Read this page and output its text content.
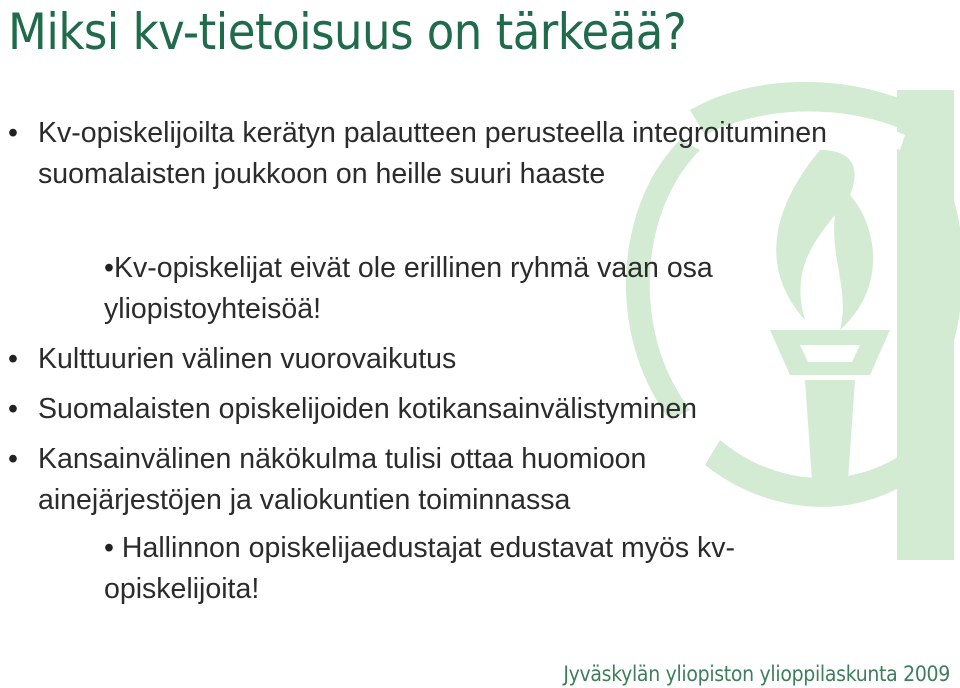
Miksi kv-tietoisuus on tärkeää?
• Kv-opiskelijoilta kerätyn palautteen perusteella integroituminen suomalaisten joukkoon on heille suuri haaste
•Kv-opiskelijat eivät ole erillinen ryhmä vaan osa yliopistoyhteisöä!
• Kulttuurien välinen vuorovaikutus
• Suomalaisten opiskelijoiden kotikansainvälistyminen
• Kansainvälinen näkökulma tulisi ottaa huomioon ainejärjestöjen ja valiokuntien toiminnassa
• Hallinnon opiskelijaedustajat edustavat myös kv-opiskelijoita!
Jyväskylän yliopiston ylioppilaskunta 2009
